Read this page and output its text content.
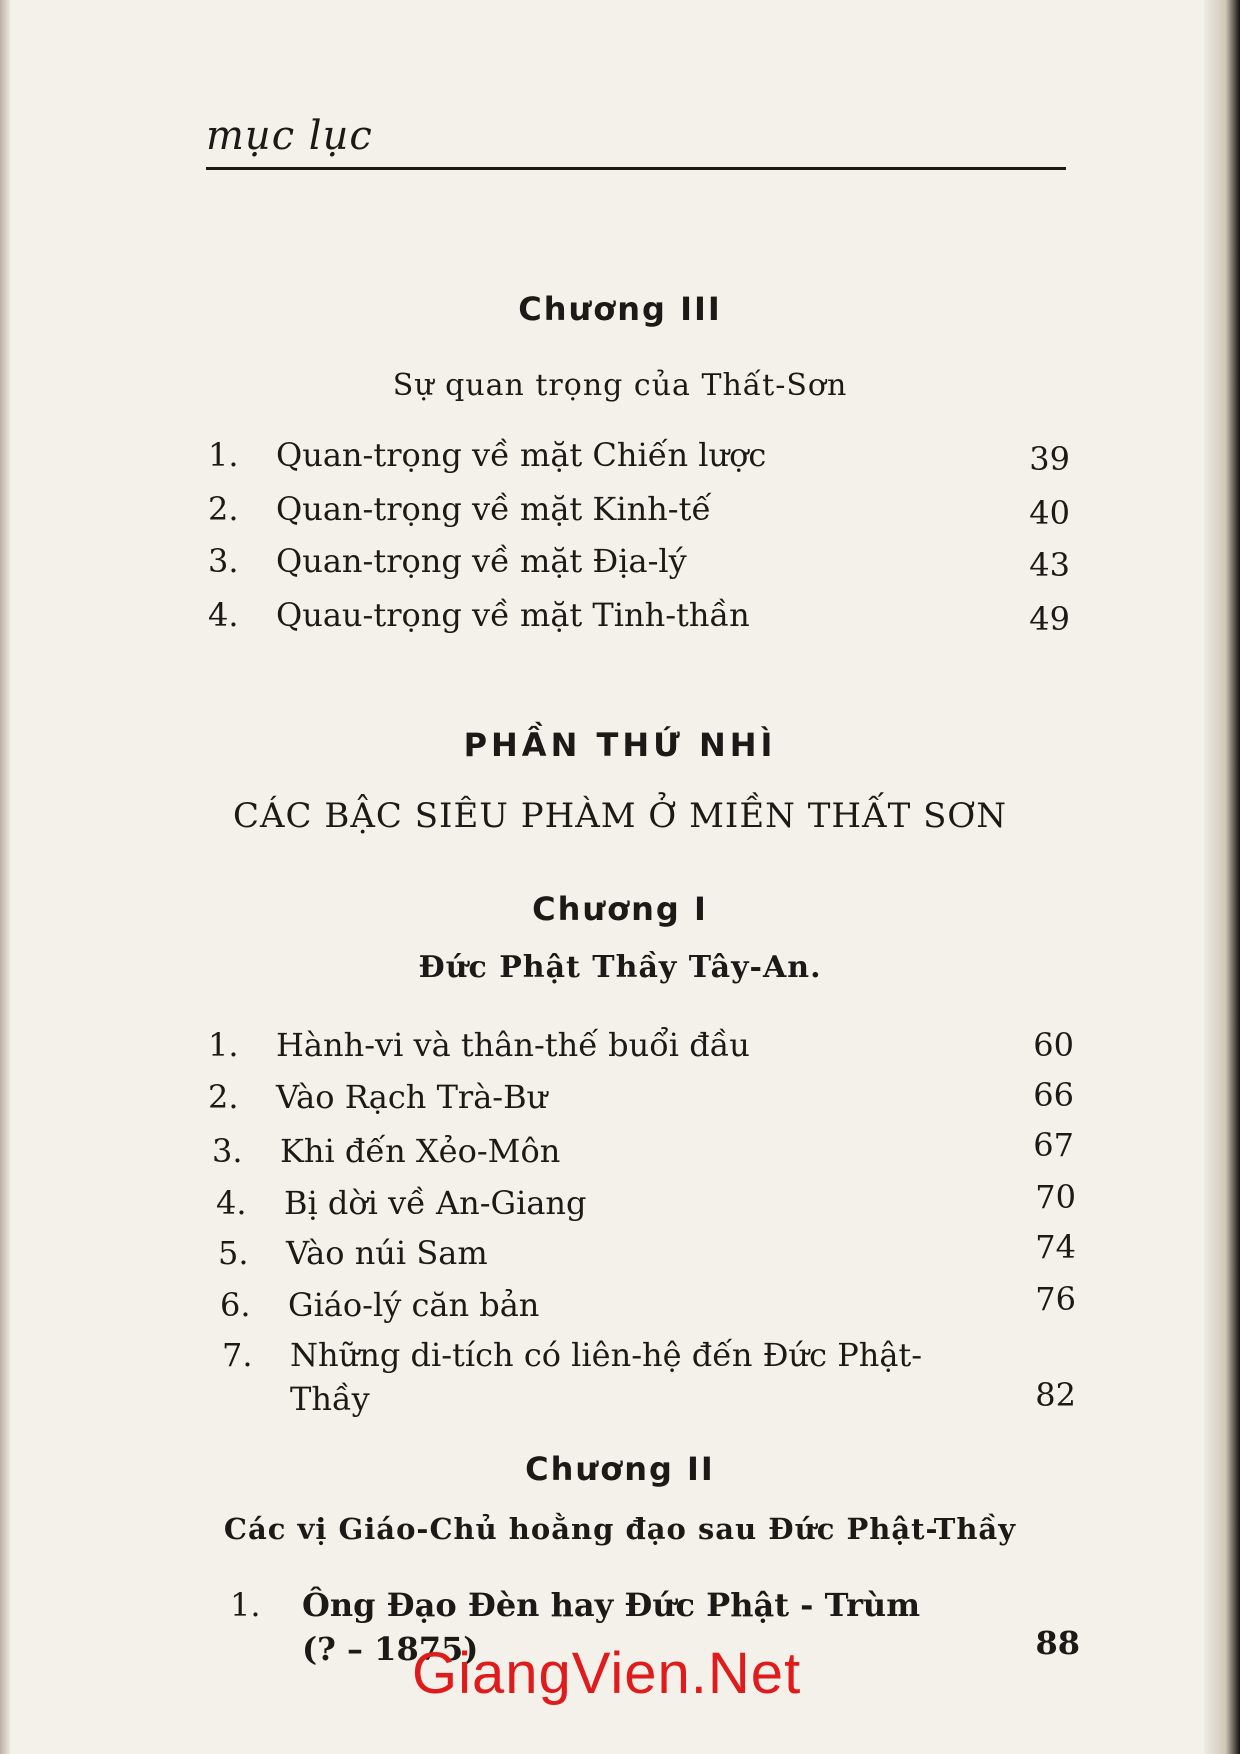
mục lục
Chương III
Sự quan trọng của Thất-Sơn
1. Quan-trọng về mặt Chiến lược	39
2. Quan-trọng về mặt Kinh-tế	40
3. Quan-trọng về mặt Địa-lý	43
4. Quau-trọng về mặt Tinh-thần	49
PHẦN THỨ NHÌ
CÁC BẬC SIÊU PHÀM Ở MIỀN THẤT SƠN
Chương I
Đức Phật Thầy Tây-An.
1. Hành-vi và thân-thế buổi đầu	60
2. Vào Rạch Trà-Bư	66
3. Khi đến Xẻo-Môn	67
4. Bị dời về An-Giang	70
5. Vào núi Sam	74
6. Giáo-lý căn bản	76
7. Những di-tích có liên-hệ đến Đức Phật-
Thầy	82
Chương II
Các vị Giáo-Chủ hoằng đạo sau Đức Phật-Thầy
1. Ông Đạo Đèn hay Đức Phật - Trùm
(? – 1875)	88
GiangVien.Net
